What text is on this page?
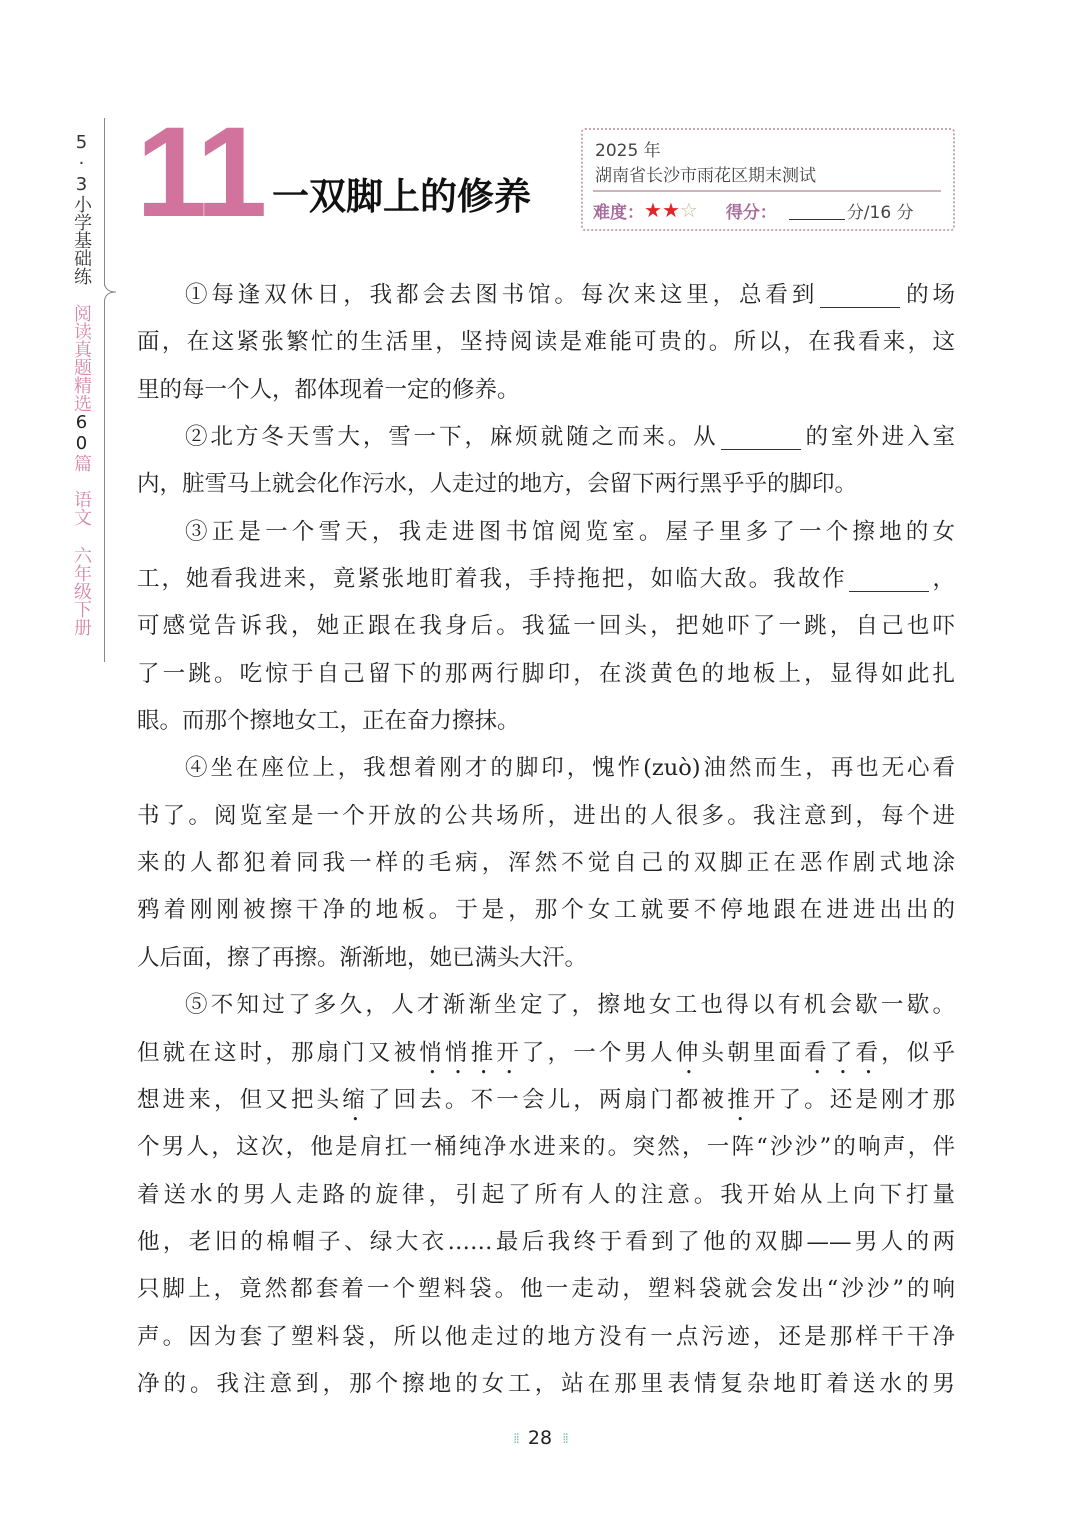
5·3小学基础练
阅读真题精选60篇
语文
六年级下册
11 一双脚上的修养
2025 年
湖南省长沙市雨花区期末测试
难度： ★★☆ 得分：	分/16 分
①每逢双休日，我都会去图书馆。每次来这里，总看到	的场
面，在这紧张繁忙的生活里，坚持阅读是难能可贵的。所以，在我看来，这
里的每一个人，都体现着一定的修养。
②北方冬天雪大，雪一下，麻烦就随之而来。从	的室外进入室
内，脏雪马上就会化作污水，人走过的地方，会留下两行黑乎乎的脚印。
③正是一个雪天，我走进图书馆阅览室。屋子里多了一个擦地的女
工，她看我进来，竟紧张地盯着我，手持拖把，如临大敌。我故作	，
可感觉告诉我，她正跟在我身后。我猛一回头，把她吓了一跳，自己也吓
了一跳。吃惊于自己留下的那两行脚印，在淡黄色的地板上，显得如此扎
眼。而那个擦地女工，正在奋力擦抹。
④坐在座位上，我想着刚才的脚印，愧怍(zuò)油然而生，再也无心看
书了。阅览室是一个开放的公共场所，进出的人很多。我注意到，每个进
来的人都犯着同我一样的毛病，浑然不觉自己的双脚正在恶作剧式地涂
鸦着刚刚被擦干净的地板。于是，那个女工就要不停地跟在进进出出的
人后面，擦了再擦。渐渐地，她已满头大汗。
⑤不知过了多久，人才渐渐坐定了，擦地女工也得以有机会歇一歇。
但就在这时，那扇门又被悄悄推开了，一个男人伸头朝里面看了看，似乎
想进来，但又把头缩了回去。不一会儿，两扇门都被推开了。还是刚才那
个男人，这次，他是肩扛一桶纯净水进来的。突然，一阵“沙沙”的响声，伴
着送水的男人走路的旋律，引起了所有人的注意。我开始从上向下打量
他，老旧的棉帽子、绿大衣……最后我终于看到了他的双脚——男人的两
只脚上，竟然都套着一个塑料袋。他一走动，塑料袋就会发出“沙沙”的响
声。因为套了塑料袋，所以他走过的地方没有一点污迹，还是那样干干净
净的。我注意到，那个擦地的女工，站在那里表情复杂地盯着送水的男
⁞⁞ 28 ⁞⁞
